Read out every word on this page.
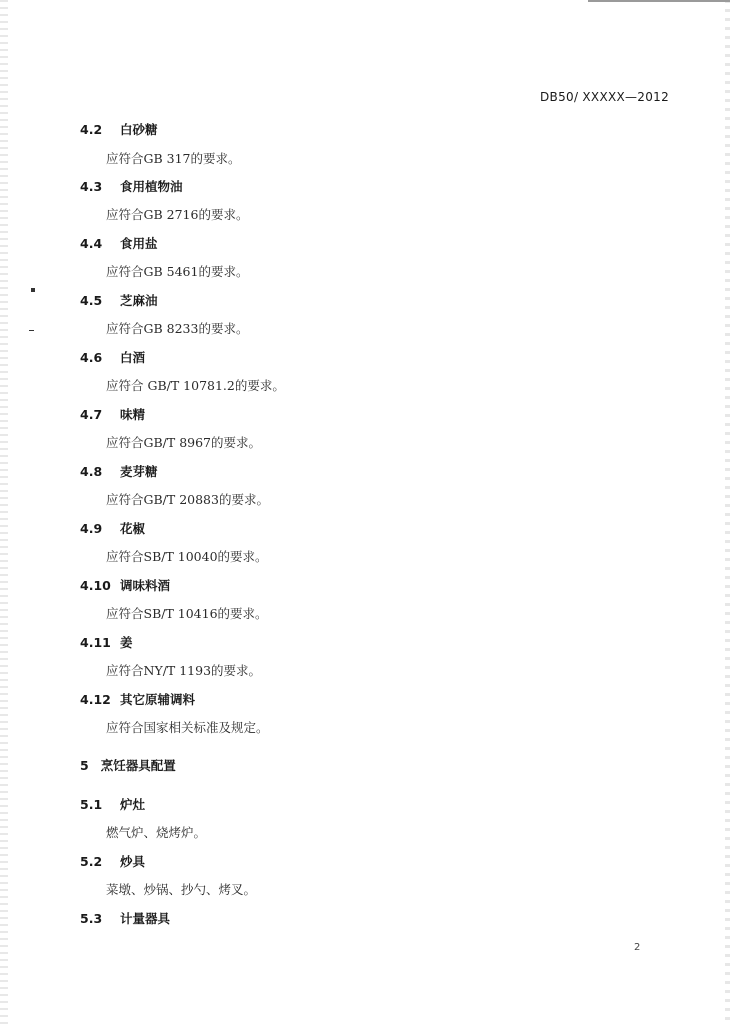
DB50/ XXXXX—2012
4.2 白砂糖
应符合GB 317的要求。
4.3 食用植物油
应符合GB 2716的要求。
4.4 食用盐
应符合GB 5461的要求。
4.5 芝麻油
应符合GB 8233的要求。
4.6 白酒
应符合 GB/T 10781.2的要求。
4.7 味精
应符合GB/T 8967的要求。
4.8 麦芽糖
应符合GB/T 20883的要求。
4.9 花椒
应符合SB/T 10040的要求。
4.10 调味料酒
应符合SB/T 10416的要求。
4.11 姜
应符合NY/T 1193的要求。
4.12 其它原辅调料
应符合国家相关标准及规定。
5 烹饪器具配置
5.1 炉灶
燃气炉、烧烤炉。
5.2 炒具
菜墩、炒锅、抄勺、烤叉。
5.3 计量器具
2
